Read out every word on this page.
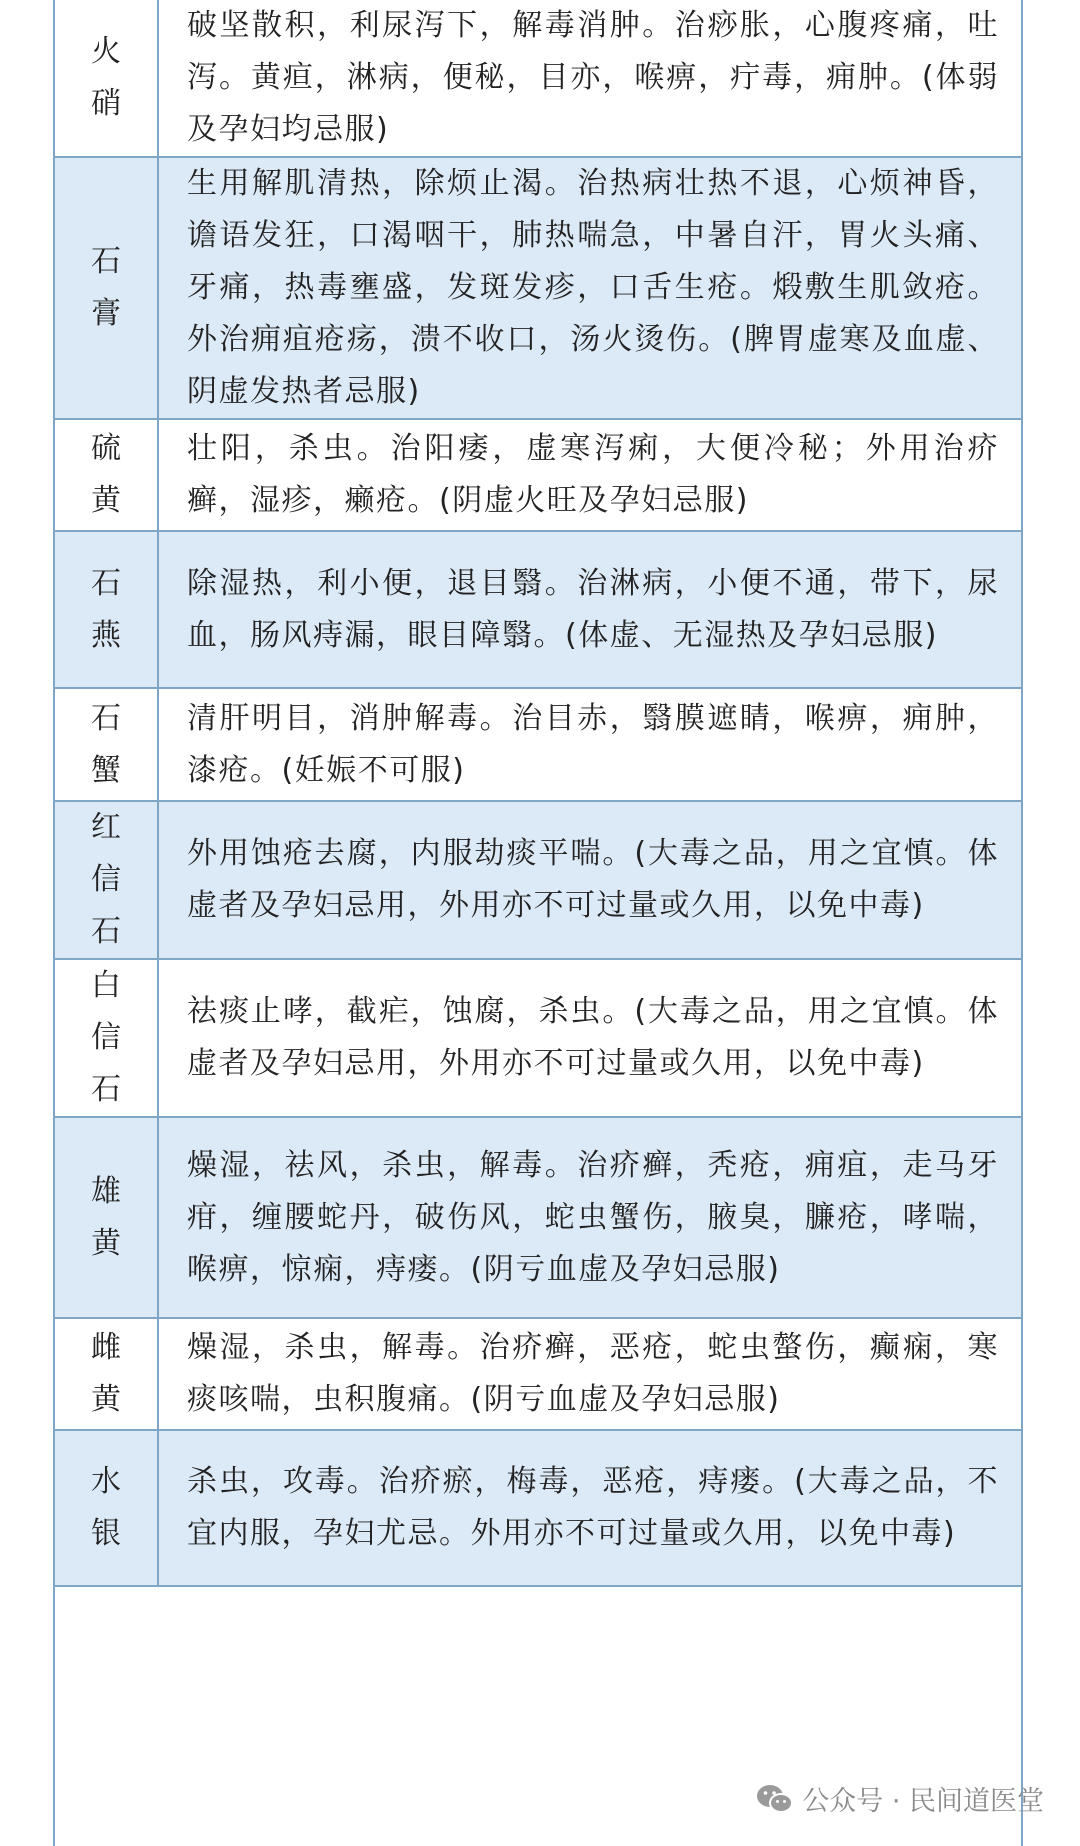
火硝	破坚散积，利尿泻下，解毒消肿。治痧胀，心腹疼痛，吐泻。黄疸，淋病，便秘，目亦，喉痹，疔毒，痈肿。(体弱及孕妇均忌服)

石膏	生用解肌清热，除烦止渴。治热病壮热不退，心烦神昏，谵语发狂，口渴咽干，肺热喘急，中暑自汗，胃火头痛、牙痛，热毒壅盛，发斑发疹，口舌生疮。煅敷生肌敛疮。外治痈疽疮疡，溃不收口，汤火烫伤。(脾胃虚寒及血虚、阴虚发热者忌服)

硫黄	壮阳，杀虫。治阳痿，虚寒泻痢，大便冷秘；外用治疥癣，湿疹，癞疮。(阴虚火旺及孕妇忌服)

石燕	除湿热，利小便，退目翳。治淋病，小便不通，带下，尿血，肠风痔漏，眼目障翳。(体虚、无湿热及孕妇忌服)

石蟹	清肝明目，消肿解毒。治目赤，翳膜遮睛，喉痹，痈肿，漆疮。(妊娠不可服)

红信石	外用蚀疮去腐，内服劫痰平喘。(大毒之品，用之宜慎。体虚者及孕妇忌用，外用亦不可过量或久用，以免中毒)

白信石	祛痰止哮，截疟，蚀腐，杀虫。(大毒之品，用之宜慎。体虚者及孕妇忌用，外用亦不可过量或久用，以免中毒)

雄黄	燥湿，祛风，杀虫，解毒。治疥癣，秃疮，痈疽，走马牙疳，缠腰蛇丹，破伤风，蛇虫蟹伤，腋臭，臁疮，哮喘，喉痹，惊痫，痔瘘。(阴亏血虚及孕妇忌服)

雌黄	燥湿，杀虫，解毒。治疥癣，恶疮，蛇虫螫伤，癫痫，寒痰咳喘，虫积腹痛。(阴亏血虚及孕妇忌服)

水银	杀虫，攻毒。治疥瘀，梅毒，恶疮，痔瘘。(大毒之品，不宜内服，孕妇尤忌。外用亦不可过量或久用，以免中毒)
公众号 · 民间道医堂
